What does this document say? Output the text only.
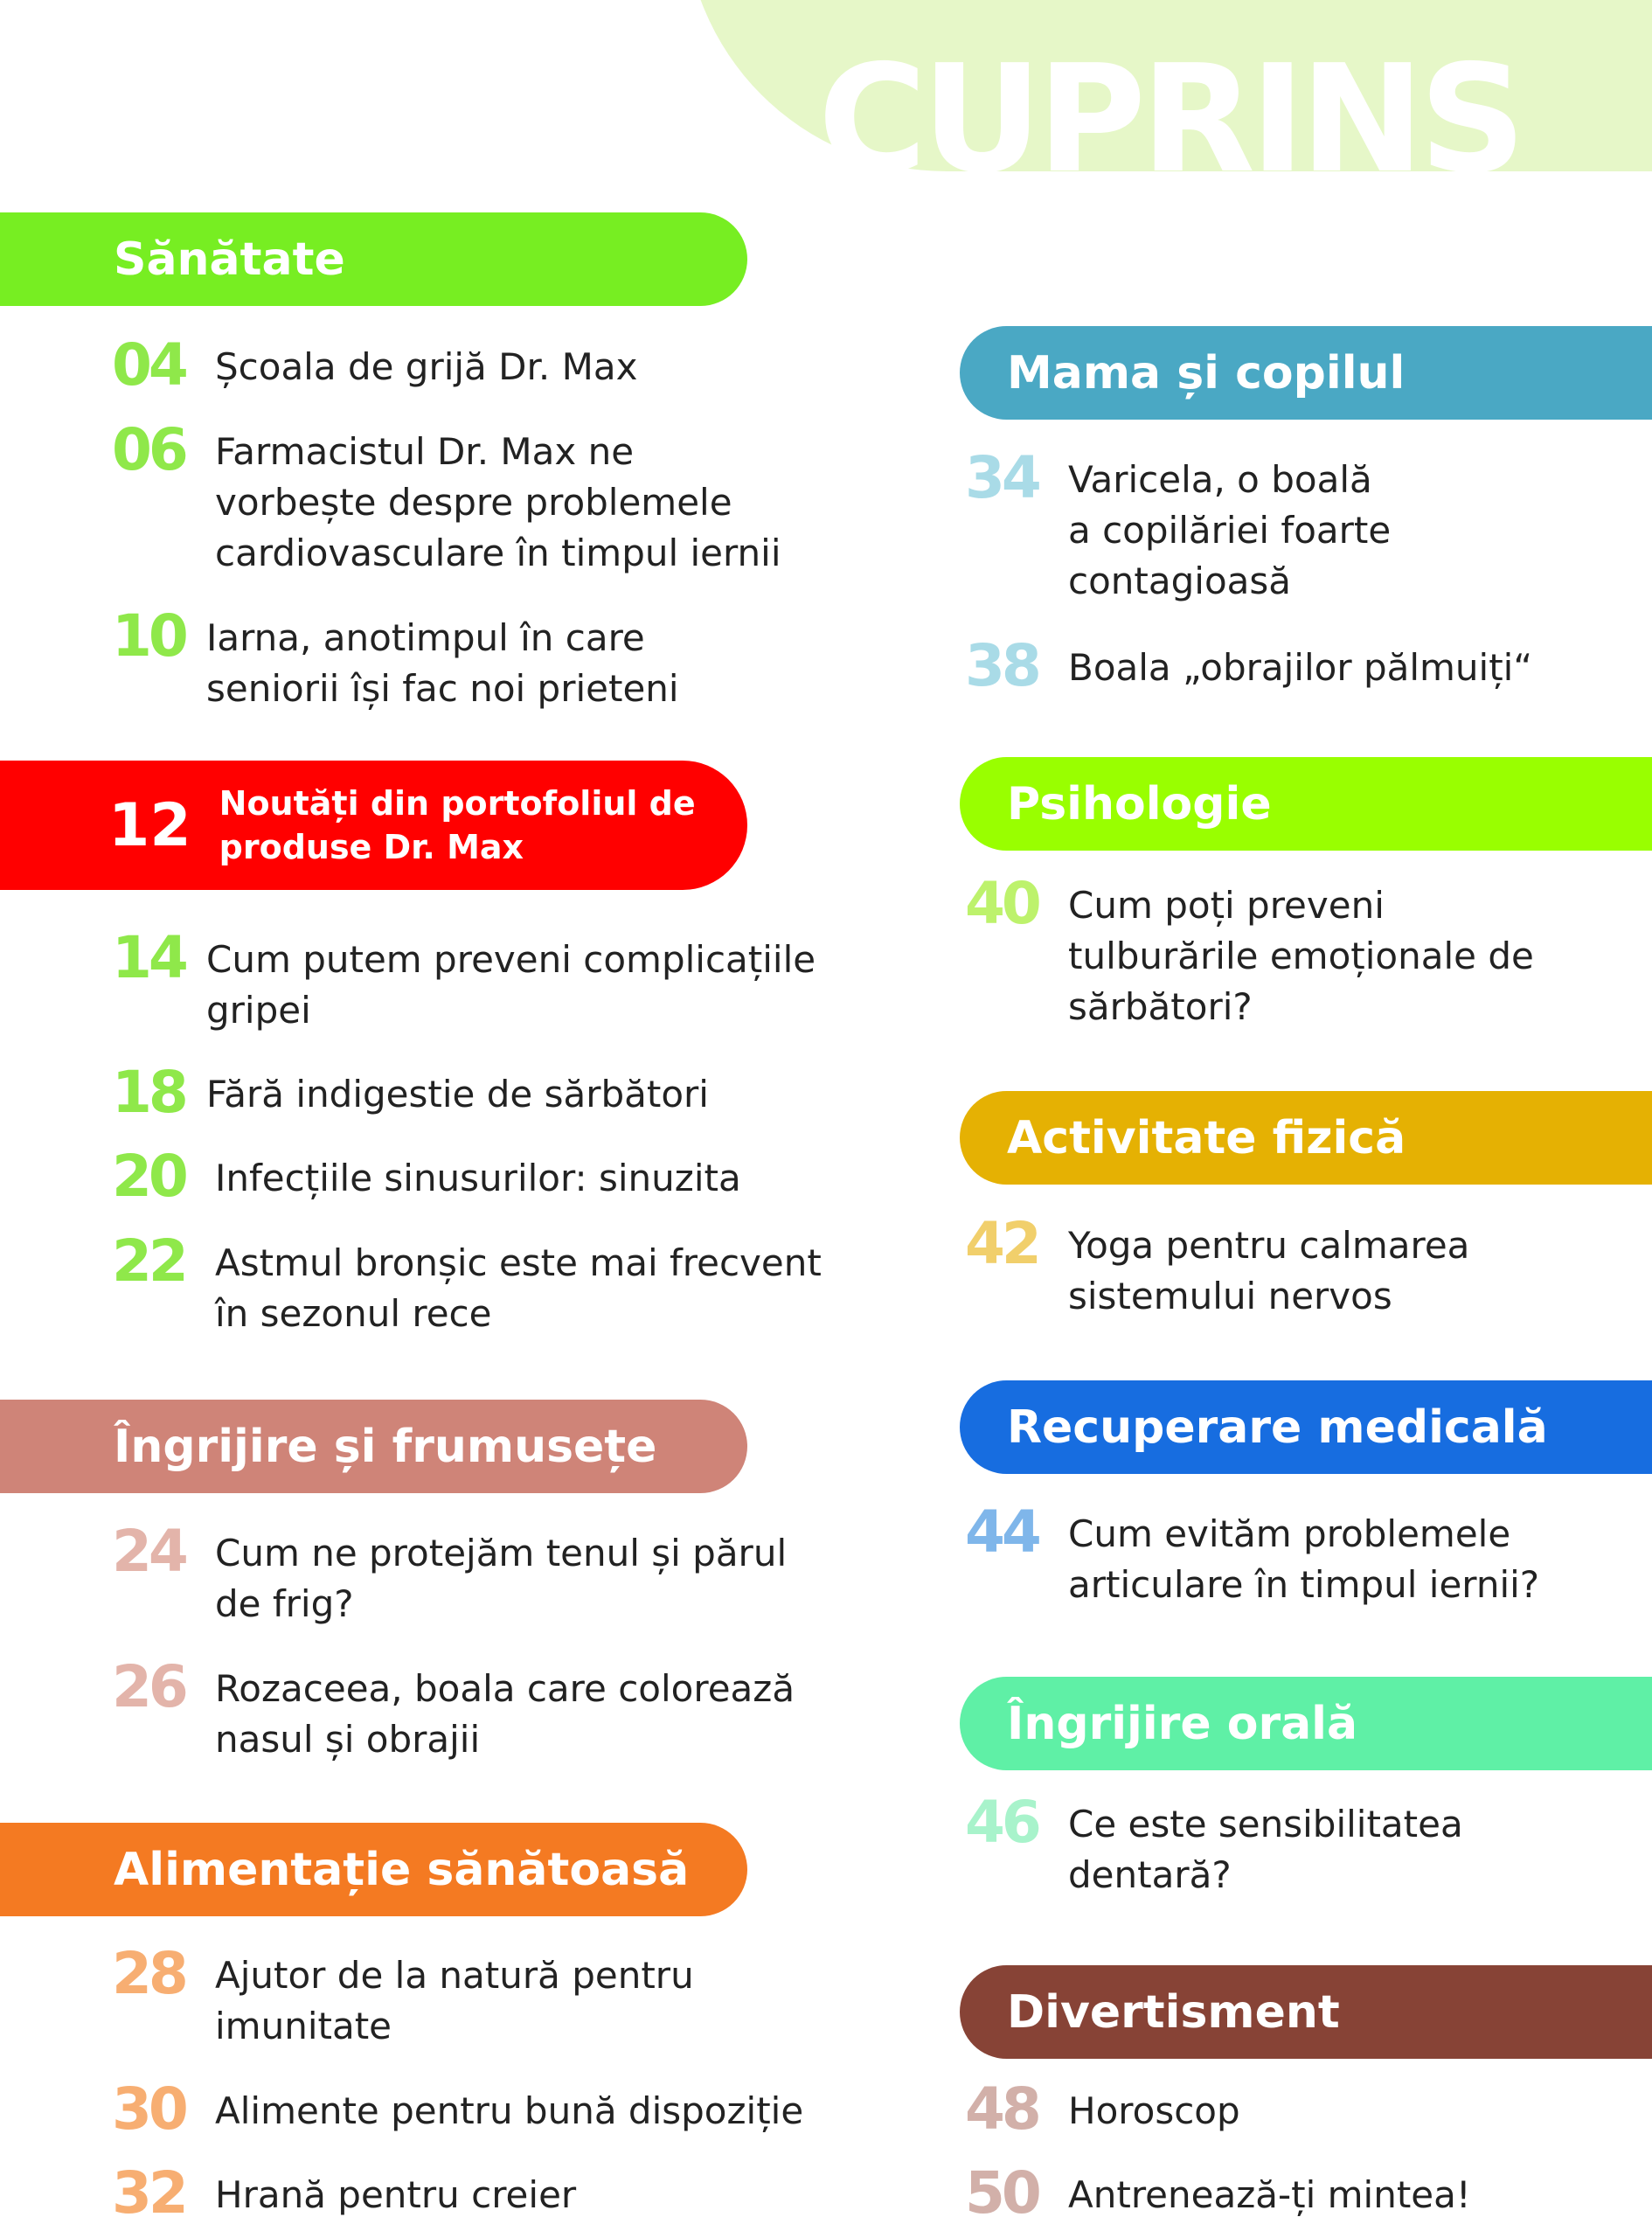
CUPRINS
Sănătate
04 Școala de grijă Dr. Max
06 Farmacistul Dr. Max ne
vorbește despre problemele
cardiovasculare în timpul iernii
10 Iarna, anotimpul în care
seniorii își fac noi prieteni
12 Noutăți din portofoliul de
produse Dr. Max
14 Cum putem preveni complicațiile
gripei
18 Fără indigestie de sărbători
20 Infecțiile sinusurilor: sinuzita
22 Astmul bronșic este mai frecvent
în sezonul rece
Îngrijire și frumusețe
24 Cum ne protejăm tenul și părul
de frig?
26 Rozaceea, boala care colorează
nasul și obrajii
Alimentație sănătoasă
28 Ajutor de la natură pentru
imunitate
30 Alimente pentru bună dispoziție
32 Hrană pentru creier
Mama și copilul
34 Varicela, o boală
a copilăriei foarte
contagioasă
38 Boala „obrajilor pălmuiți“
Psihologie
40 Cum poți preveni
tulburările emoționale de
sărbători?
Activitate fizică
42 Yoga pentru calmarea
sistemului nervos
Recuperare medicală
44 Cum evităm problemele
articulare în timpul iernii?
Îngrijire orală
46 Ce este sensibilitatea
dentară?
Divertisment
48 Horoscop
50 Antrenează-ți mintea!
